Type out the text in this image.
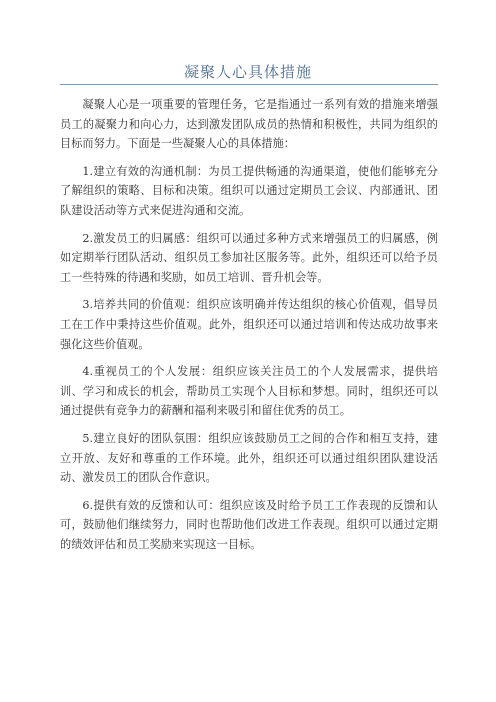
凝聚人心具体措施

凝聚人心是一项重要的管理任务，它是指通过一系列有效的措施来增强员工的凝聚力和向心力，达到激发团队成员的热情和积极性，共同为组织的目标而努力。下面是一些凝聚人心的具体措施：

1.建立有效的沟通机制：为员工提供畅通的沟通渠道，使他们能够充分了解组织的策略、目标和决策。组织可以通过定期员工会议、内部通讯、团队建设活动等方式来促进沟通和交流。

2.激发员工的归属感：组织可以通过多种方式来增强员工的归属感，例如定期举行团队活动、组织员工参加社区服务等。此外，组织还可以给予员工一些特殊的待遇和奖励，如员工培训、晋升机会等。

3.培养共同的价值观：组织应该明确并传达组织的核心价值观，倡导员工在工作中秉持这些价值观。此外，组织还可以通过培训和传达成功故事来强化这些价值观。

4.重视员工的个人发展：组织应该关注员工的个人发展需求，提供培训、学习和成长的机会，帮助员工实现个人目标和梦想。同时，组织还可以通过提供有竞争力的薪酬和福利来吸引和留住优秀的员工。

5.建立良好的团队氛围：组织应该鼓励员工之间的合作和相互支持，建立开放、友好和尊重的工作环境。此外，组织还可以通过组织团队建设活动、激发员工的团队合作意识。

6.提供有效的反馈和认可：组织应该及时给予员工工作表现的反馈和认可，鼓励他们继续努力，同时也帮助他们改进工作表现。组织可以通过定期的绩效评估和员工奖励来实现这一目标。
